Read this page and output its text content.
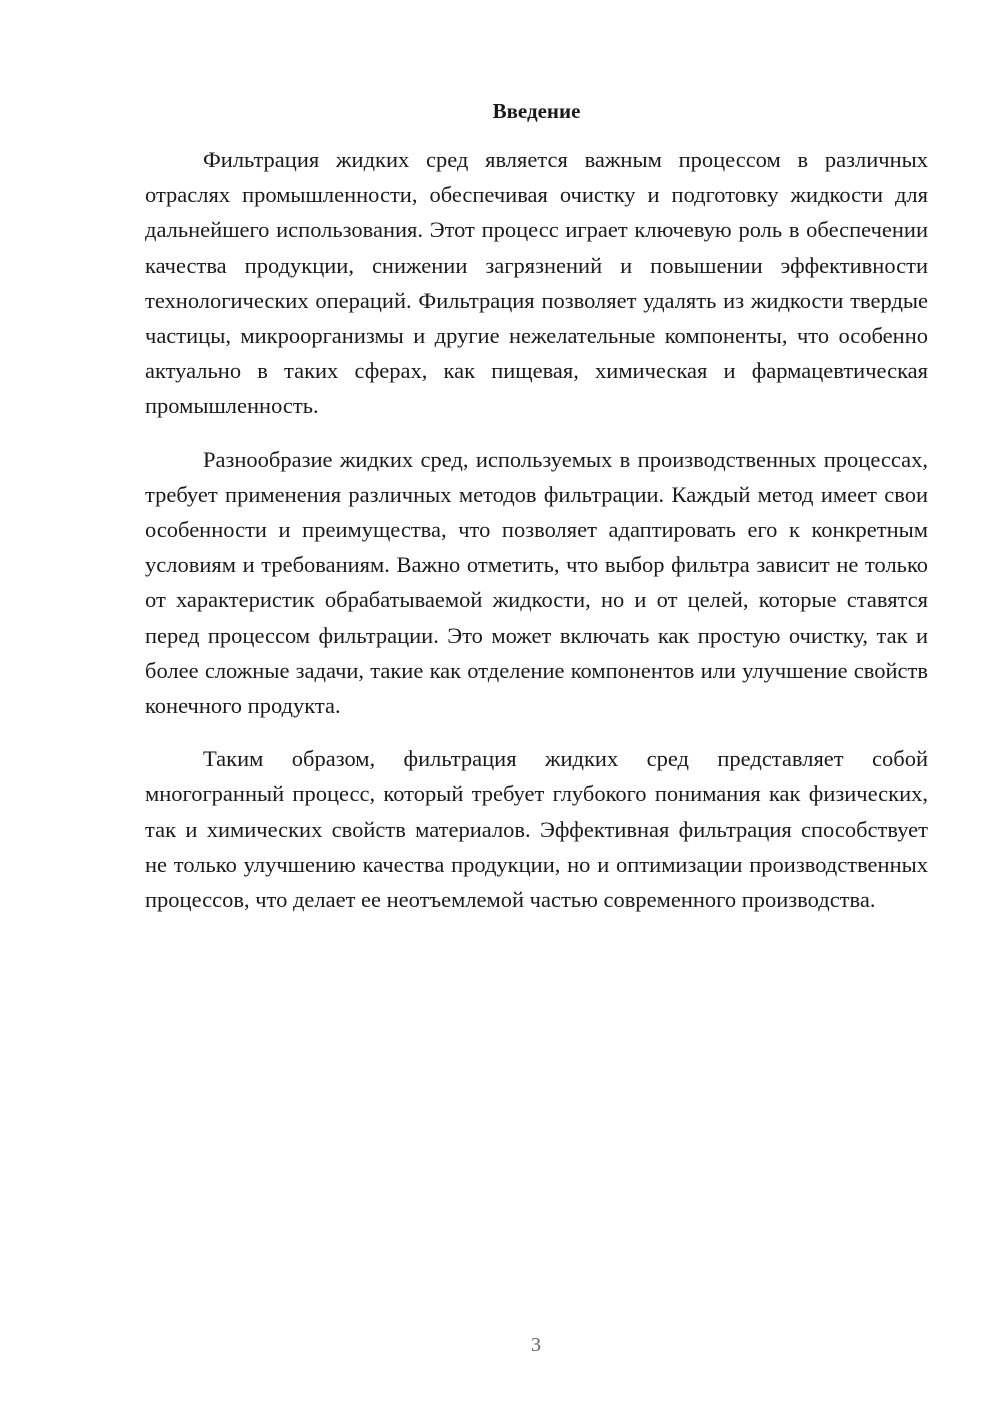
Введение

Фильтрация жидких сред является важным процессом в различных отраслях промышленности, обеспечивая очистку и подготовку жидкости для дальнейшего использования. Этот процесс играет ключевую роль в обеспечении качества продукции, снижении загрязнений и повышении эффективности технологических операций. Фильтрация позволяет удалять из жидкости твердые частицы, микроорганизмы и другие нежелательные компоненты, что особенно актуально в таких сферах, как пищевая, химическая и фармацевтическая промышленность.

Разнообразие жидких сред, используемых в производственных процессах, требует применения различных методов фильтрации. Каждый метод имеет свои особенности и преимущества, что позволяет адаптировать его к конкретным условиям и требованиям. Важно отметить, что выбор фильтра зависит не только от характеристик обрабатываемой жидкости, но и от целей, которые ставятся перед процессом фильтрации. Это может включать как простую очистку, так и более сложные задачи, такие как отделение компонентов или улучшение свойств конечного продукта.

Таким образом, фильтрация жидких сред представляет собой многогранный процесс, который требует глубокого понимания как физических, так и химических свойств материалов. Эффективная фильтрация способствует не только улучшению качества продукции, но и оптимизации производственных процессов, что делает ее неотъемлемой частью современного производства.

3
